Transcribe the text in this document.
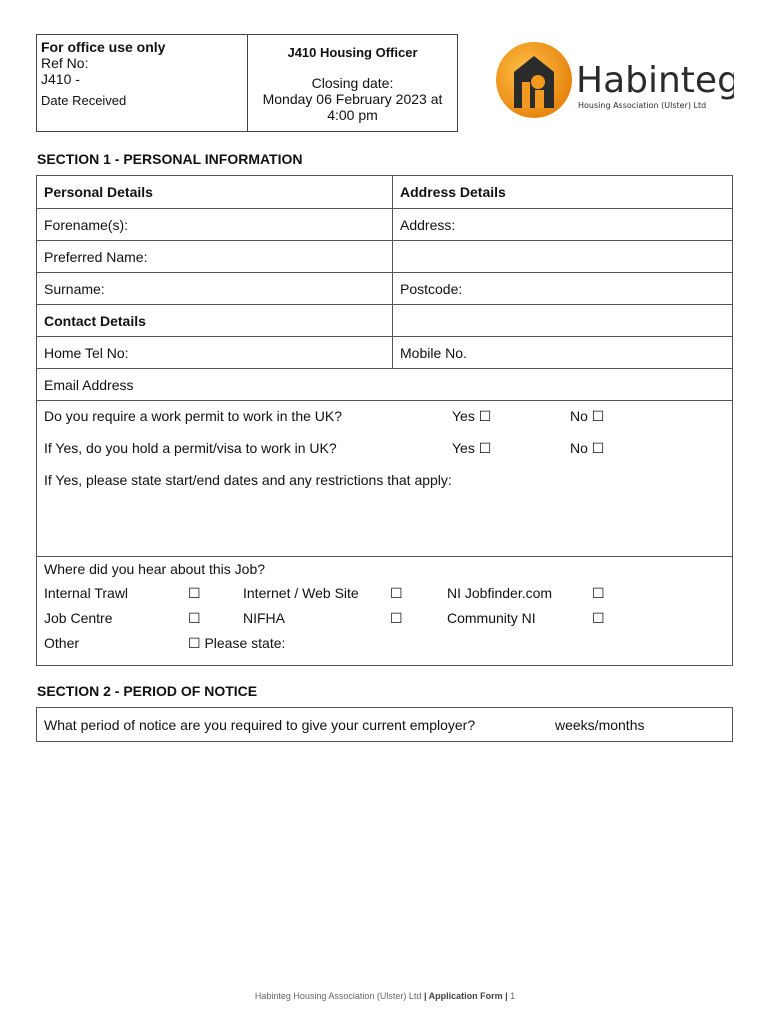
For office use only
Ref No:
J410 -
Date Received
J410 Housing Officer
Closing date:
Monday 06 February 2023 at
4:00 pm
Habinteg
Housing Association (Ulster) Ltd
SECTION 1 - PERSONAL INFORMATION
Personal Details	Address Details
Forename(s):	Address:
Preferred Name:
Surname:	Postcode:
Contact Details
Home Tel No:	Mobile No.
Email Address
Do you require a work permit to work in the UK?	Yes ☐	No ☐
If Yes, do you hold a permit/visa to work in UK?	Yes ☐	No ☐
If Yes, please state start/end dates and any restrictions that apply:
Where did you hear about this Job?
Internal Trawl	☐	Internet / Web Site ☐	NI Jobfinder.com	☐
Job Centre	☐	NIFHA	☐	Community NI	☐
Other	☐ Please state:
SECTION 2 - PERIOD OF NOTICE
What period of notice are you required to give your current employer?	weeks/months
Habinteg Housing Association (Ulster) Ltd | Application Form | 1
